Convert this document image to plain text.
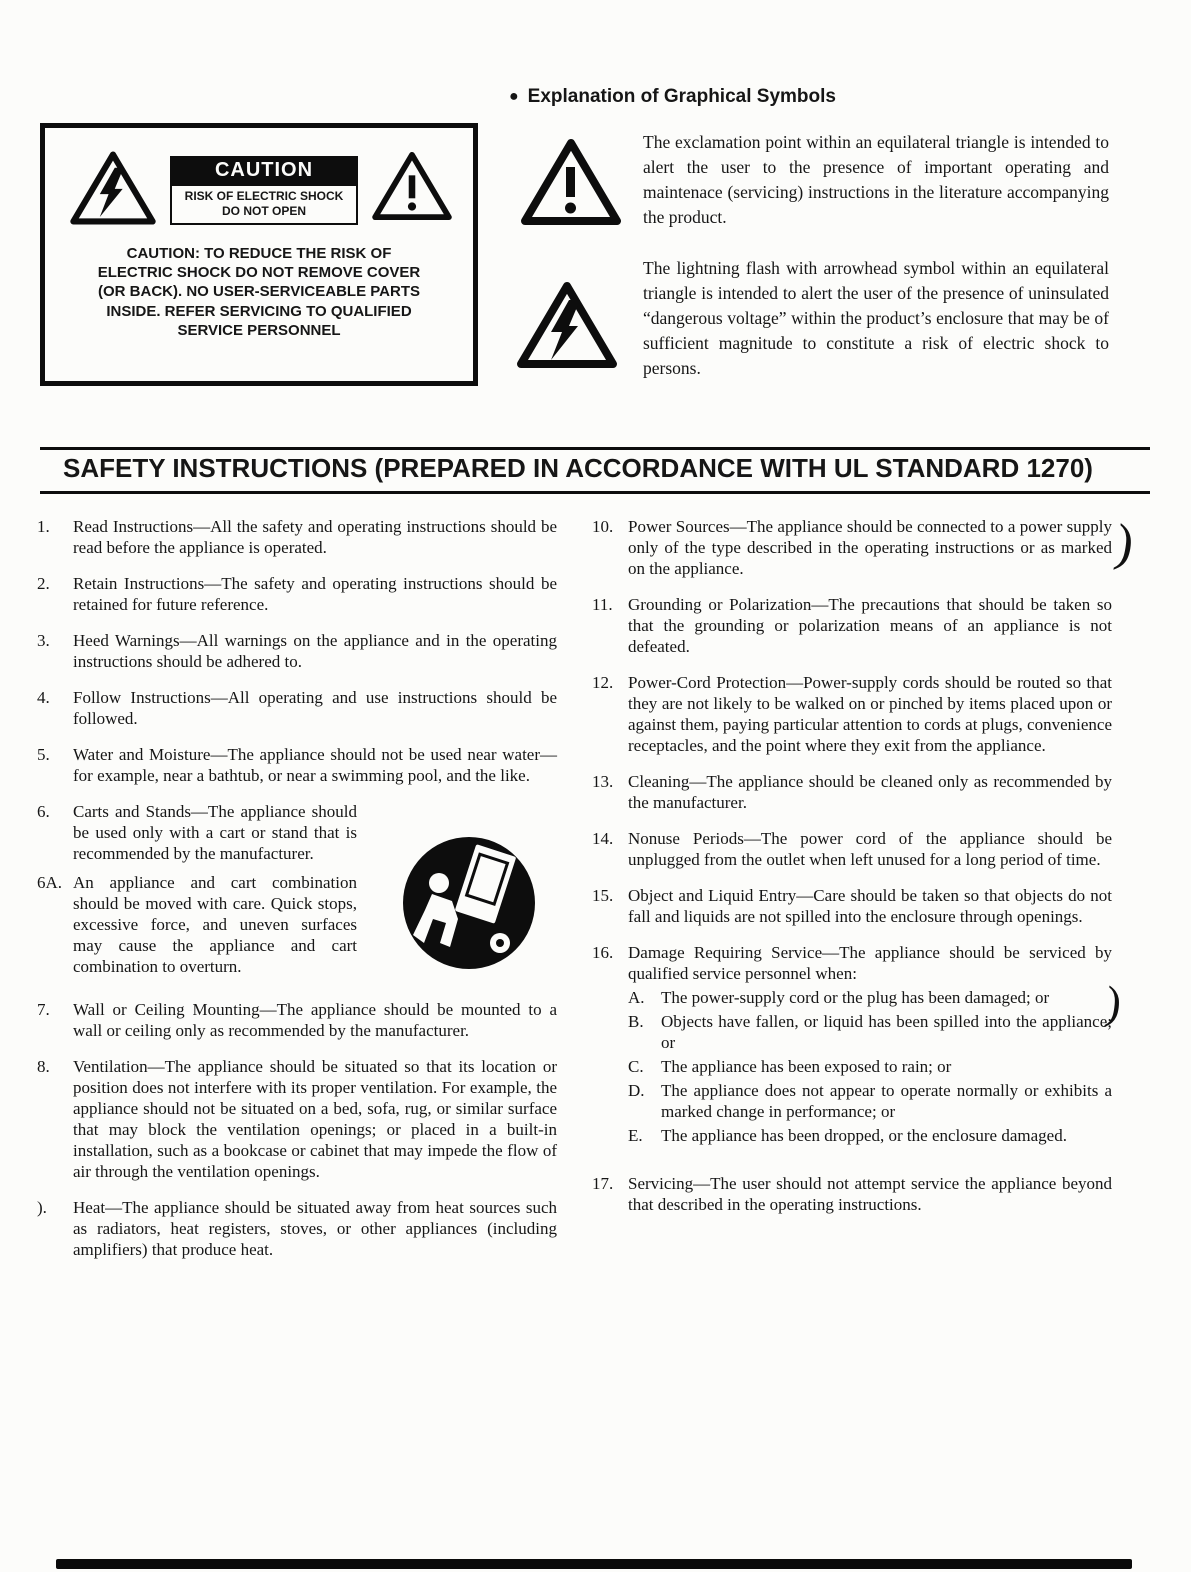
● Explanation of Graphical Symbols
CAUTION
RISK OF ELECTRIC SHOCK
DO NOT OPEN
CAUTION: TO REDUCE THE RISK OF ELECTRIC SHOCK DO NOT REMOVE COVER (OR BACK). NO USER-SERVICEABLE PARTS INSIDE. REFER SERVICING TO QUALIFIED SERVICE PERSONNEL
The exclamation point within an equilateral triangle is intended to alert the user to the presence of important operating and maintenace (servicing) instructions in the literature accompanying the product.
The lightning flash with arrowhead symbol within an equilateral triangle is intended to alert the user of the presence of uninsulated “dangerous voltage” within the product’s enclosure that may be of sufficient magnitude to constitute a risk of electric shock to persons.
SAFETY INSTRUCTIONS (PREPARED IN ACCORDANCE WITH UL STANDARD 1270)
1.	Read Instructions—All the safety and operating instructions should be read before the appliance is operated.
2.	Retain Instructions—The safety and operating instructions should be retained for future reference.
3.	Heed Warnings—All warnings on the appliance and in the operating instructions should be adhered to.
4.	Follow Instructions—All operating and use instructions should be followed.
5.	Water and Moisture—The appliance should not be used near water—for example, near a bathtub, or near a swimming pool, and the like.
6.	Carts and Stands—The appliance should be used only with a cart or stand that is recommended by the manufacturer.
6A. An appliance and cart combination should be moved with care. Quick stops, excessive force, and uneven surfaces may cause the appliance and cart combination to overturn.
7.	Wall or Ceiling Mounting—The appliance should be mounted to a wall or ceiling only as recommended by the manufacturer.
8.	Ventilation—The appliance should be situated so that its location or position does not interfere with its proper ventilation. For example, the appliance should not be situated on a bed, sofa, rug, or similar surface that may block the ventilation openings; or placed in a built-in installation, such as a bookcase or cabinet that may impede the flow of air through the ventilation openings.
).	Heat—The appliance should be situated away from heat sources such as radiators, heat registers, stoves, or other appliances (including amplifiers) that produce heat.
10. Power Sources—The appliance should be connected to a power supply only of the type described in the operating instructions or as marked on the appliance.
11. Grounding or Polarization—The precautions that should be taken so that the grounding or polarization means of an appliance is not defeated.
12. Power-Cord Protection—Power-supply cords should be routed so that they are not likely to be walked on or pinched by items placed upon or against them, paying particular attention to cords at plugs, convenience receptacles, and the point where they exit from the appliance.
13. Cleaning—The appliance should be cleaned only as recommended by the manufacturer.
14. Nonuse Periods—The power cord of the appliance should be unplugged from the outlet when left unused for a long period of time.
15. Object and Liquid Entry—Care should be taken so that objects do not fall and liquids are not spilled into the enclosure through openings.
16. Damage Requiring Service—The appliance should be serviced by qualified service personnel when:
A. The power-supply cord or the plug has been damaged; or
B.	Objects have fallen, or liquid has been spilled into the appliance; or
C.	The appliance has been exposed to rain; or
D. The appliance does not appear to operate normally or exhibits a marked change in performance; or
E.	The appliance has been dropped, or the enclosure damaged.
17. Servicing—The user should not attempt service the appliance beyond that described in the operating instructions.
)
)
